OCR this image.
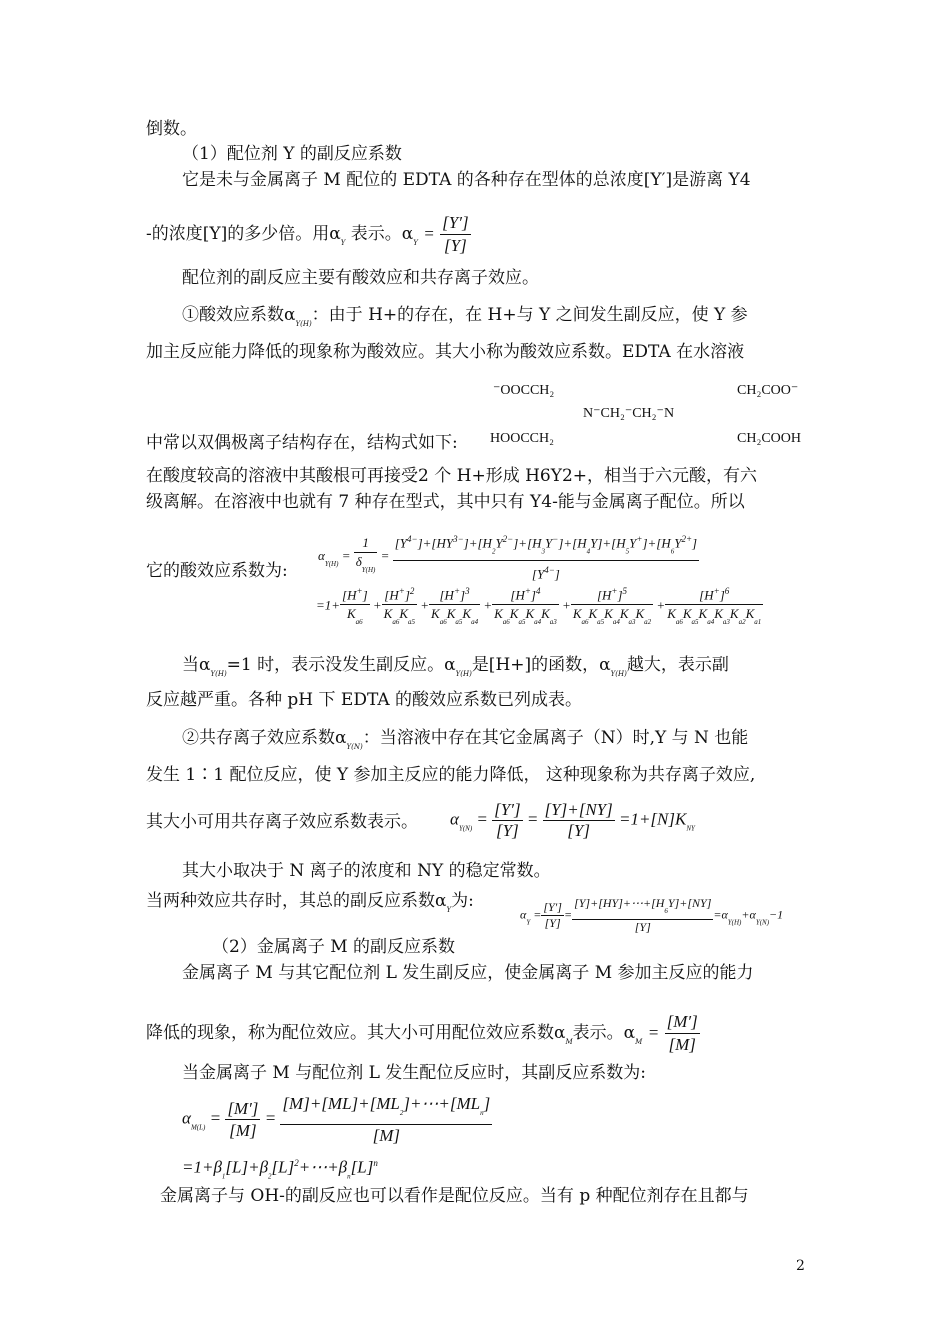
倒数。
（1）配位剂 Y 的副反应系数
它是未与金属离子 M 配位的 EDTA 的各种存在型体的总浓度[Y′]是游离 Y4
-的浓度[Y]的多少倍。用$\alpha_Y$ 表示。$\alpha_Y = \frac{[Y']}{[Y]}$
配位剂的副反应主要有酸效应和共存离子效应。
①酸效应系数$\alpha_{Y(H)}$：由于 H+的存在，在 H+与 Y 之间发生副反应，使 Y 参
加主反应能力降低的现象称为酸效应。其大小称为酸效应系数。EDTA 在水溶液
⁻OOCCH₂	CH₂COO⁻
N⁻CH₂⁻CH₂⁻N
HOOCCH₂	CH₂COOH
中常以双偶极离子结构存在，结构式如下:
在酸度较高的溶液中其酸根可再接受2 个 H+形成 H6Y2+，相当于六元酸，有六
级离解。在溶液中也就有 7 种存在型式，其中只有 Y4-能与金属离子配位。所以
$\alpha_{Y(H)} = \frac{1}{\delta_{Y(H)}} = \frac{[Y^{4-}]+[HY^{3-}]+[H_2Y^{2-}]+[H_3Y^-]+[H_4Y]+[H_5Y^+]+[H_6Y^{2+}]}{[Y^{4-}]}$
它的酸效应系数为:
$=1+ \frac{[H^+]}{K_{a6}} + \frac{[H^+]^2}{K_{a6}K_{a5}} + \frac{[H^+]^3}{K_{a6}K_{a5}K_{a4}} + \frac{[H^+]^4}{K_{a6}K_{a5}K_{a4}K_{a3}} + \frac{[H^+]^5}{K_{a6}K_{a5}K_{a4}K_{a3}K_{a2}} + \frac{[H^+]^6}{K_{a6}K_{a5}K_{a4}K_{a3}K_{a2}K_{a1}}$
当$\alpha_{Y(H)}=1$ 时，表示没发生副反应。$\alpha_{Y(H)}$是[H+]的函数，$\alpha_{Y(H)}$越大，表示副
反应越严重。各种 pH 下 EDTA 的酸效应系数已列成表。
②共存离子效应系数$\alpha_{Y(N)}$：当溶液中存在其它金属离子（N）时,Y 与 N 也能
发生 1∶1 配位反应，使 Y 参加主反应的能力降低， 这种现象称为共存离子效应,
其大小可用共存离子效应系数表示。 $\alpha_{Y(N)} = \frac{[Y']}{[Y]} = \frac{[Y]+[NY]}{[Y]} =1+[N]K_{NY}$
其大小取决于 N 离子的浓度和 NY 的稳定常数。
当两种效应共存时，其总的副反应系数$\alpha_Y$为:
$\alpha_Y = \frac{[Y']}{[Y]} = \frac{[Y]+[HY]+\cdots+[H_6Y]+[NY]}{[Y]} =\alpha_{Y(H)}+\alpha_{Y(N)}-1$
（2）金属离子 M 的副反应系数
金属离子 M 与其它配位剂 L 发生副反应，使金属离子 M 参加主反应的能力
降低的现象，称为配位效应。其大小可用配位效应系数$\alpha_M$表示。$\alpha_M = \frac{[M']}{[M]}$
当金属离子 M 与配位剂 L 发生配位反应时，其副反应系数为:
$\alpha_{M(L)} = \frac{[M']}{[M]} = \frac{[M]+[ML]+[ML_2]+\cdots+[ML_n]}{[M]}$
$=1+\beta_1[L]+\beta_2[L]^2+\cdots+\beta_n[L]^n$
金属离子与 OH-的副反应也可以看作是配位反应。当有 p 种配位剂存在且都与
2
